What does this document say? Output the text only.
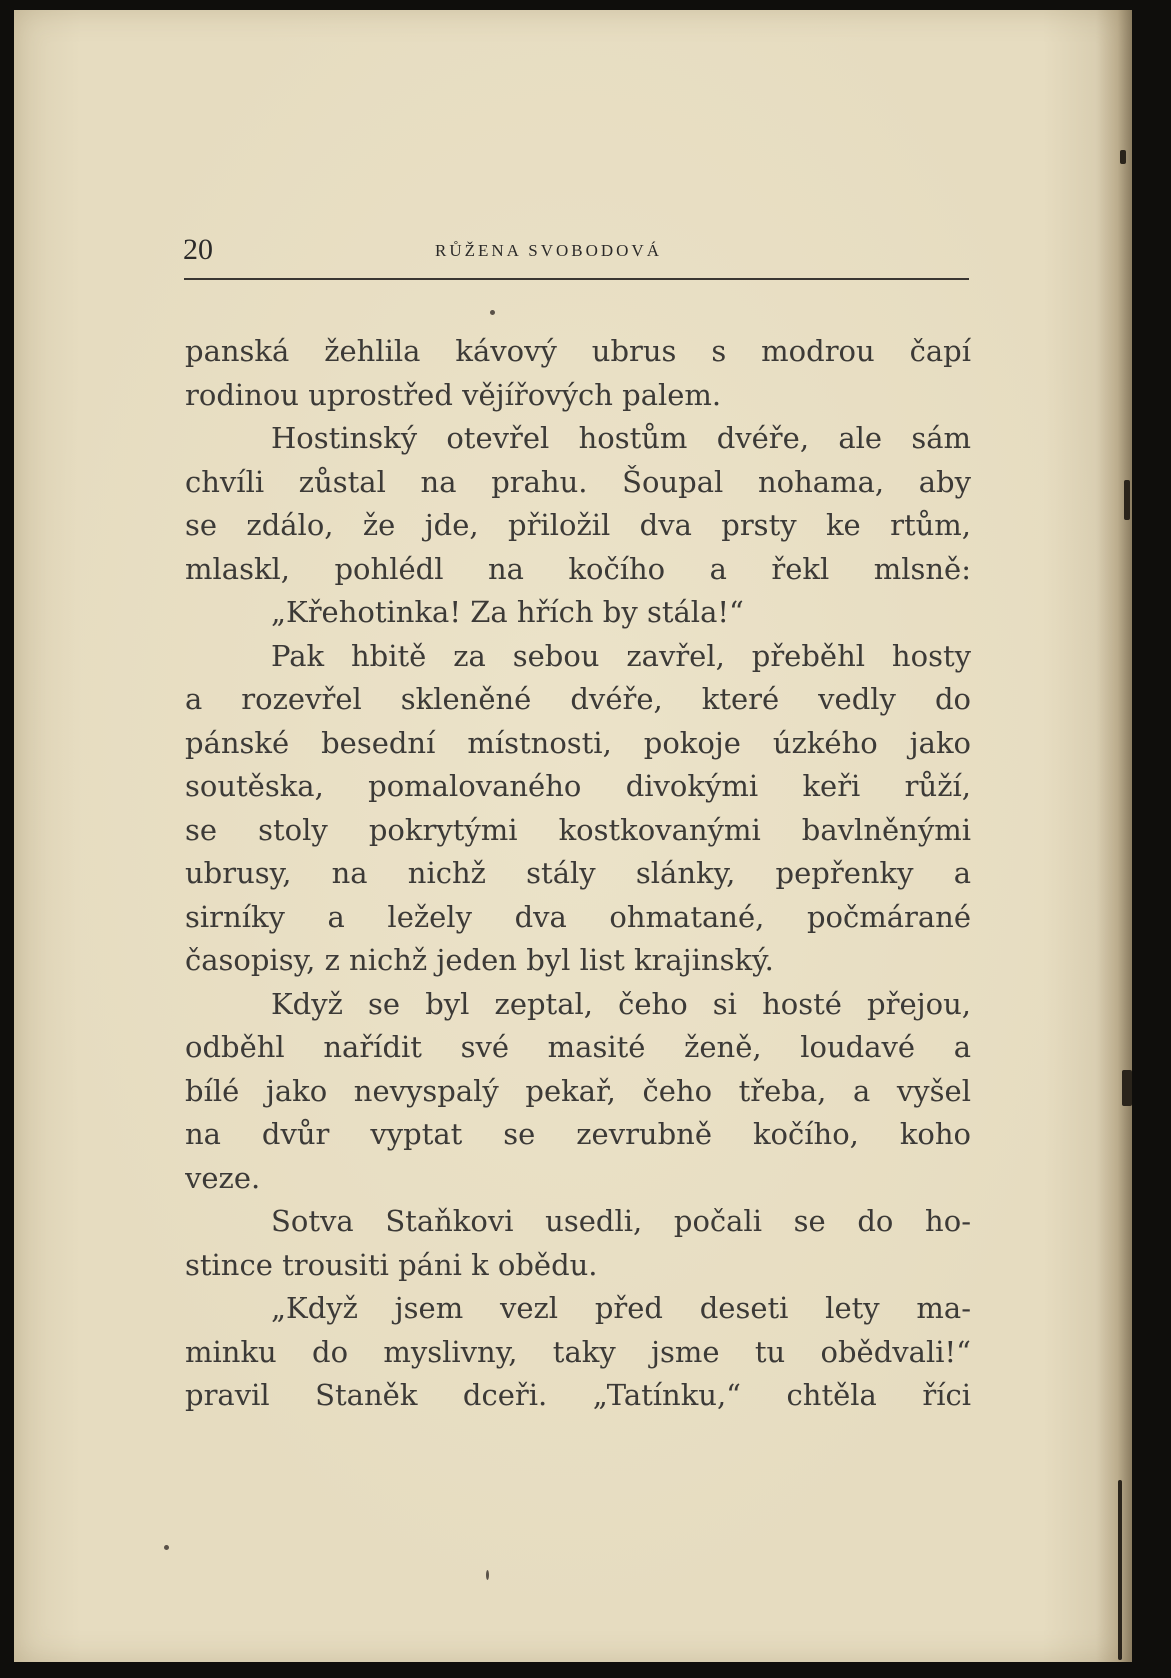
20	RŮŽENA SVOBODOVÁ
panská žehlila kávový ubrus s modrou čapí
rodinou uprostřed vějířových palem.
Hostinský otevřel hostům dvéře, ale sám
chvíli zůstal na prahu. Šoupal nohama, aby
se zdálo, že jde, přiložil dva prsty ke rtům,
mlaskl, pohlédl na kočího a řekl mlsně:
„Křehotinka! Za hřích by stála!“
Pak hbitě za sebou zavřel, přeběhl hosty
a rozevřel skleněné dvéře, které vedly do
pánské besední místnosti, pokoje úzkého jako
soutěska, pomalovaného divokými keři růží,
se stoly pokrytými kostkovanými bavlněnými
ubrusy, na nichž stály slánky, pepřenky a
sirníky a ležely dva ohmatané, počmárané
časopisy, z nichž jeden byl list krajinský.
Když se byl zeptal, čeho si hosté přejou,
odběhl nařídit své masité ženě, loudavé a
bílé jako nevyspalý pekař, čeho třeba, a vyšel
na dvůr vyptat se zevrubně kočího, koho
veze.
Sotva Staňkovi usedli, počali se do ho-
stince trousiti páni k obědu.
„Když jsem vezl před deseti lety ma-
minku do myslivny, taky jsme tu obědvali!“
pravil Staněk dceři. „Tatínku,“ chtěla říci
